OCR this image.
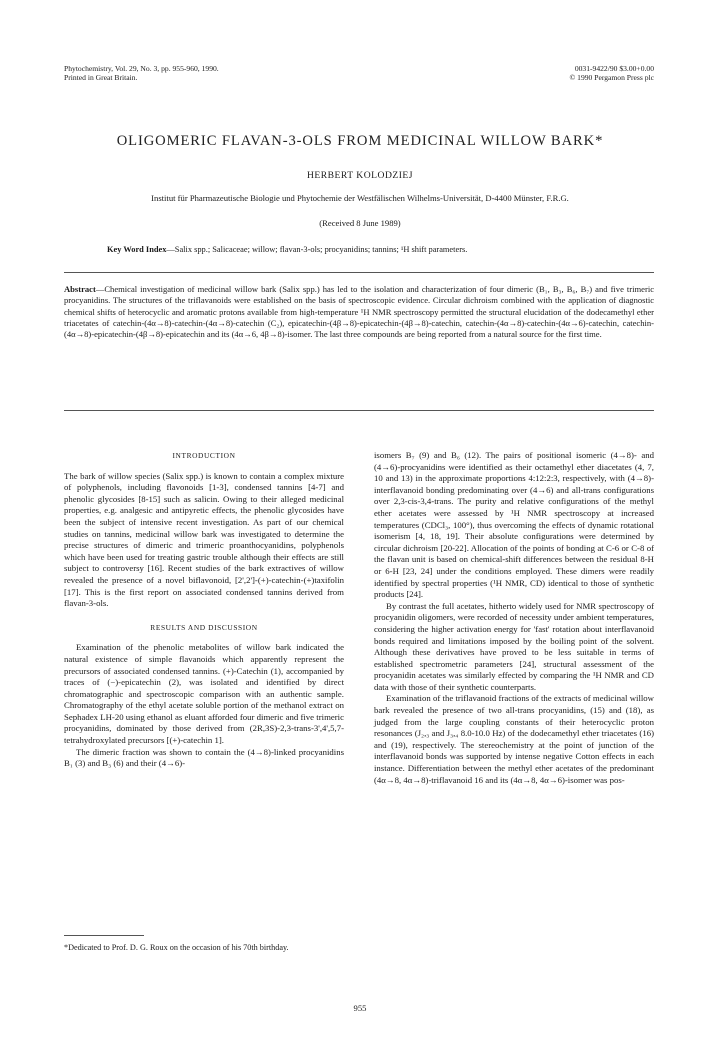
Phytochemistry, Vol. 29, No. 3, pp. 955-960, 1990.
Printed in Great Britain.
0031-9422/90 $3.00+0.00
© 1990 Pergamon Press plc
OLIGOMERIC FLAVAN-3-OLS FROM MEDICINAL WILLOW BARK*
HERBERT KOLODZIEJ
Institut für Pharmazeutische Biologie und Phytochemie der Westfälischen Wilhelms-Universität, D-4400 Münster, F.R.G.
(Received 8 June 1989)
Key Word Index—Salix spp.; Salicaceae; willow; flavan-3-ols; procyanidins; tannins; ¹H shift parameters.
Abstract—Chemical investigation of medicinal willow bark (Salix spp.) has led to the isolation and characterization of four dimeric (B₁, B₃, B₆, B₇) and five trimeric procyanidins. The structures of the triflavanoids were established on the basis of spectroscopic evidence. Circular dichroism combined with the application of diagnostic chemical shifts of heterocyclic and aromatic protons available from high-temperature ¹H NMR spectroscopy permitted the structural elucidation of the dodecamethyl ether triacetates of catechin-(4α→8)-catechin-(4α→8)-catechin (C₂), epicatechin-(4β→8)-epicatechin-(4β→8)-catechin, catechin-(4α→8)-catechin-(4α→6)-catechin, catechin-(4α→8)-epicatechin-(4β→8)-epicatechin and its (4α→6, 4β→8)-isomer. The last three compounds are being reported from a natural source for the first time.
INTRODUCTION

The bark of willow species (Salix spp.) is known to contain a complex mixture of polyphenols, including flavonoids [1-3], condensed tannins [4-7] and phenolic glycosides [8-15] such as salicin. Owing to their alleged medicinal properties, e.g. analgesic and antipyretic effects, the phenolic glycosides have been the subject of intensive recent investigation. As part of our chemical studies on tannins, medicinal willow bark was investigated to determine the precise structures of dimeric and trimeric proanthocyanidins, polyphenols which have been used for treating gastric trouble although their effects are still subject to controversy [16]. Recent studies of the bark extractives of willow revealed the presence of a novel biflavonoid, [2',2']-(+)-catechin-(+)taxifolin [17]. This is the first report on associated condensed tannins derived from flavan-3-ols.

RESULTS AND DISCUSSION

Examination of the phenolic metabolites of willow bark indicated the natural existence of simple flavanoids which apparently represent the precursors of associated condensed tannins. (+)-Catechin (1), accompanied by traces of (−)-epicatechin (2), was isolated and identified by direct chromatographic and spectroscopic comparison with an authentic sample. Chromatography of the ethyl acetate soluble portion of the methanol extract on Sephadex LH-20 using ethanol as eluant afforded four dimeric and five trimeric procyanidins, dominated by those derived from (2R,3S)-2,3-trans-3',4',5,7-tetrahydroxylated precursors [(+)-catechin 1].

The dimeric fraction was shown to contain the (4→8)-linked procyanidins B₁ (3) and B₃ (6) and their (4→6)-

isomers B₇ (9) and B₆ (12). The pairs of positional isomeric (4→8)- and (4→6)-procyanidins were identified as their octamethyl ether diacetates (4, 7, 10 and 13) in the approximate proportions 4:12:2:3, respectively, with (4→8)-interflavanoid bonding predominating over (4→6) and all-trans configurations over 2,3-cis-3,4-trans. The purity and relative configurations of the methyl ether acetates were assessed by ¹H NMR spectroscopy at increased temperatures (CDCl₃, 100°), thus overcoming the effects of dynamic rotational isomerism [4, 18, 19]. Their absolute configurations were determined by circular dichroism [20-22]. Allocation of the points of bonding at C-6 or C-8 of the flavan unit is based on chemical-shift differences between the residual 8-H or 6-H [23, 24] under the conditions employed. These dimers were readily identified by spectral properties (¹H NMR, CD) identical to those of synthetic products [24].

By contrast the full acetates, hitherto widely used for NMR spectroscopy of procyanidin oligomers, were recorded of necessity under ambient temperatures, considering the higher activation energy for 'fast' rotation about interflavanoid bonds required and limitations imposed by the boiling point of the solvent. Although these derivatives have proved to be less suitable in terms of established spectrometric parameters [24], structural assessment of the procyanidin acetates was similarly effected by comparing the ¹H NMR and CD data with those of their synthetic counterparts.

Examination of the triflavanoid fractions of the extracts of medicinal willow bark revealed the presence of two all-trans procyanidins, (15) and (18), as judged from the large coupling constants of their heterocyclic proton resonances (J₂,₃ and J₃,₄ 8.0-10.0 Hz) of the dodecamethyl ether triacetates (16) and (19), respectively. The stereochemistry at the point of junction of the interflavanoid bonds was supported by intense negative Cotton effects in each instance. Differentiation between the methyl ether acetates of the predominant (4α→8, 4α→8)-triflavanoid 16 and its (4α→8, 4α→6)-isomer was pos-

*Dedicated to Prof. D. G. Roux on the occasion of his 70th birthday.
955
